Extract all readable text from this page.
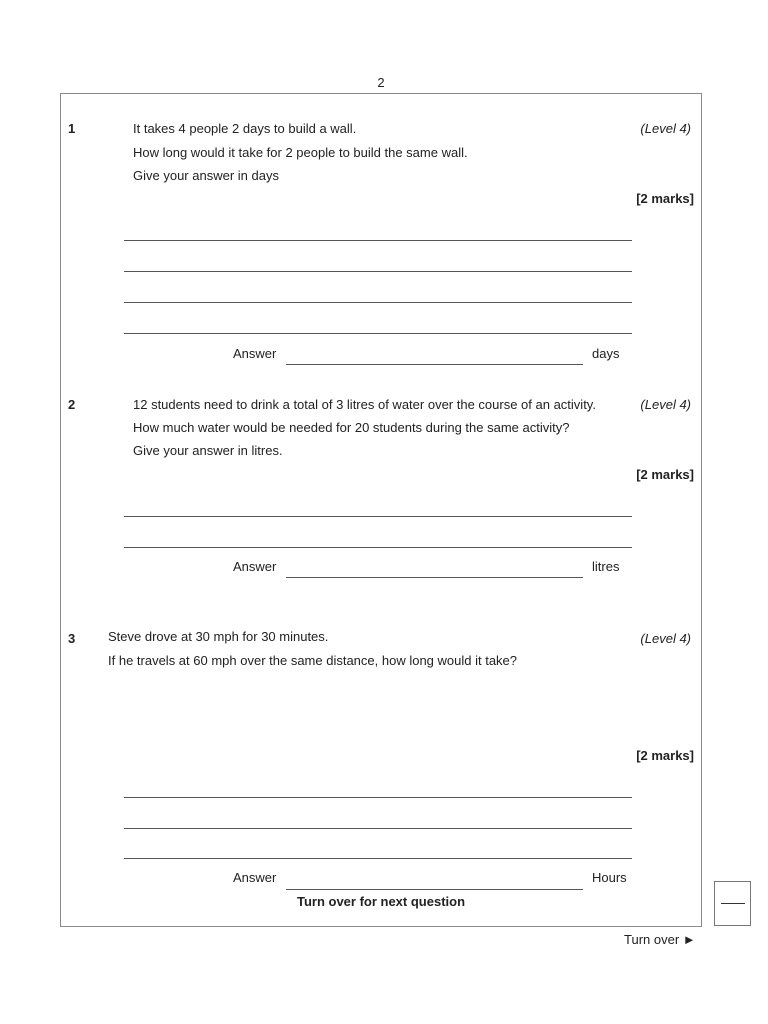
2
1	It takes 4 people 2 days to build a wall.
How long would it take for 2 people to build the same wall.
Give your answer in days
(Level 4)
[2 marks]
Answer	days
2	12 students need to drink a total of 3 litres of water over the course of an activity.
How much water would be needed for 20 students during the same activity?
Give your answer in litres.
(Level 4)
[2 marks]
Answer	litres
3	Steve drove at 30 mph for 30 minutes.
If he travels at 60 mph over the same distance, how long would it take?
(Level 4)
[2 marks]
Answer	Hours
Turn over for next question
Turn over ►
